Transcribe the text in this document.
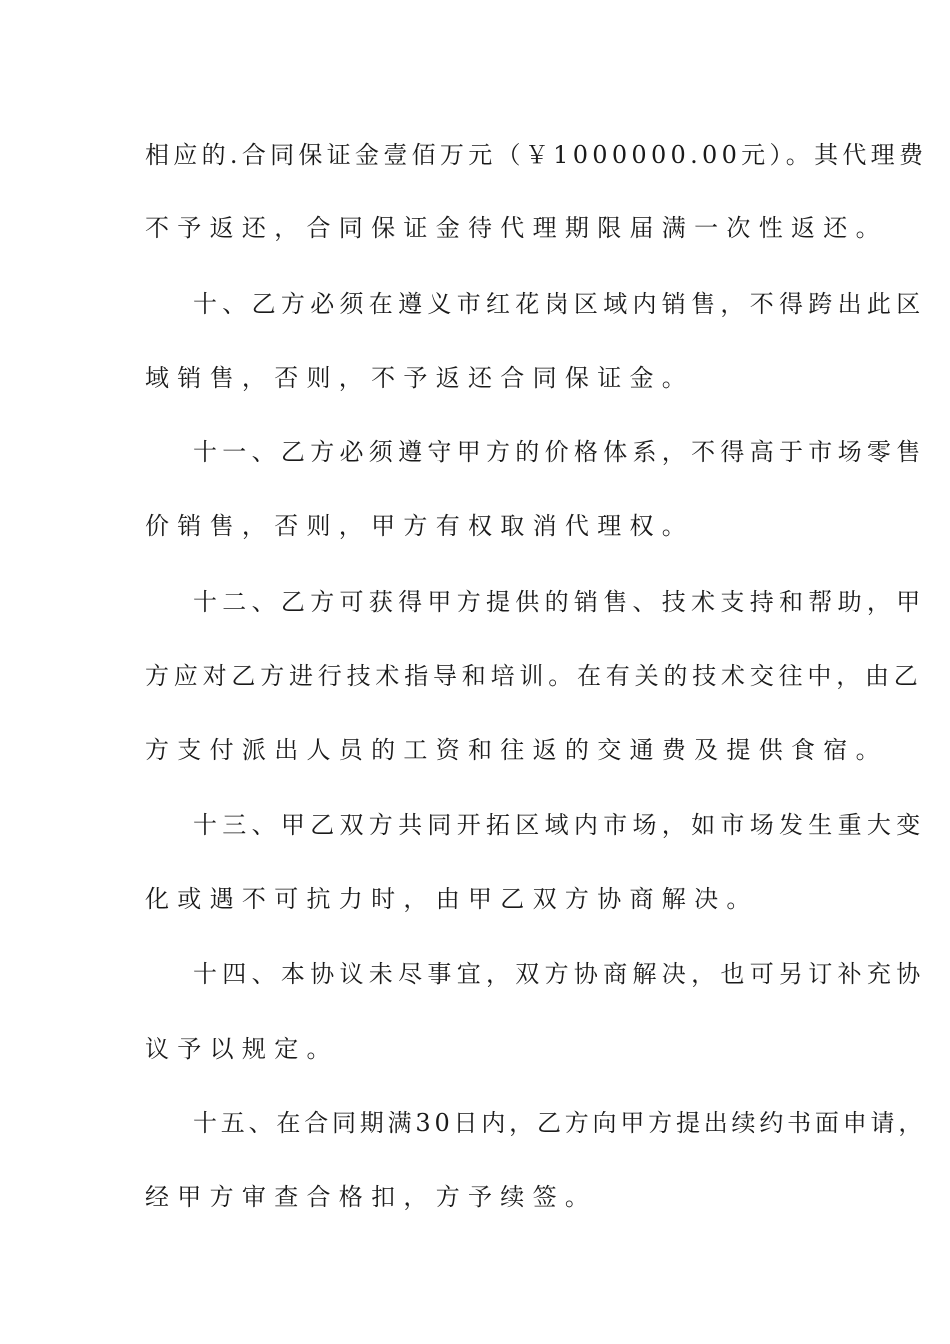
相应的.合同保证金壹佰万元（￥1000000.00元）。其代理费
不予返还，合同保证金待代理期限届满一次性返还。
十、乙方必须在遵义市红花岗区域内销售，不得跨出此区
域销售，否则，不予返还合同保证金。
十一、乙方必须遵守甲方的价格体系，不得高于市场零售
价销售，否则，甲方有权取消代理权。
十二、乙方可获得甲方提供的销售、技术支持和帮助，甲
方应对乙方进行技术指导和培训。在有关的技术交往中，由乙
方支付派出人员的工资和往返的交通费及提供食宿。
十三、甲乙双方共同开拓区域内市场，如市场发生重大变
化或遇不可抗力时，由甲乙双方协商解决。
十四、本协议未尽事宜，双方协商解决，也可另订补充协
议予以规定。
十五、在合同期满30日内，乙方向甲方提出续约书面申请，
经甲方审查合格扣，方予续签。
